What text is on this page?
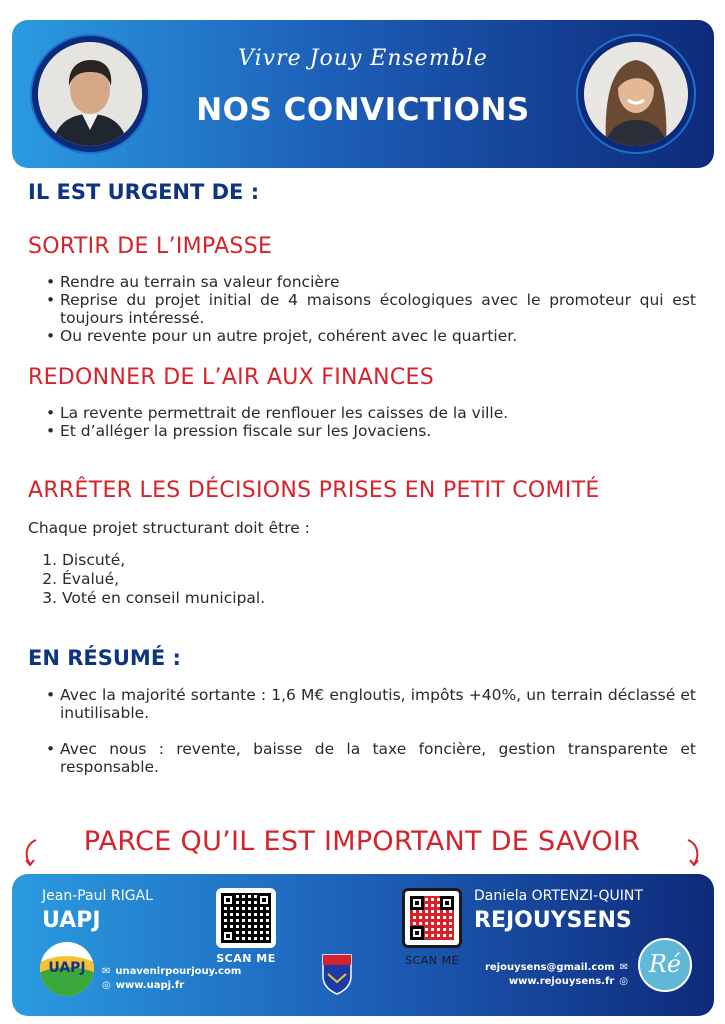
Vivre Jouy Ensemble
NOS CONVICTIONS
IL EST URGENT DE :
SORTIR DE L’IMPASSE
• Rendre au terrain sa valeur foncière
• Reprise du projet initial de 4 maisons écologiques avec le promoteur qui est toujours intéressé.
• Ou revente pour un autre projet, cohérent avec le quartier.
REDONNER DE L’AIR AUX FINANCES
• La revente permettrait de renflouer les caisses de la ville.
• Et d’alléger la pression fiscale sur les Jovaciens.
ARRÊTER LES DÉCISIONS PRISES EN PETIT COMITÉ

Chaque projet structurant doit être :

1. Discuté,
2. Évalué,
3. Voté en conseil municipal.
EN RÉSUMÉ :
• Avec la majorité sortante : 1,6 M€ engloutis, impôts +40%, un terrain déclassé et inutilisable.
• Avec nous : revente, baisse de la taxe foncière, gestion transparente et responsable.
PARCE QU’IL EST IMPORTANT DE SAVOIR
Jean-Paul RIGAL
UAPJ
UAPJ	✉ unavenirpourjouy.com
◎ www.uapj.fr
SCAN ME	SCAN ME
Daniela ORTENZI-QUINT
REJOUYSENS
rejouysens@gmail.com ✉
www.rejouysens.fr ◎
Ré
